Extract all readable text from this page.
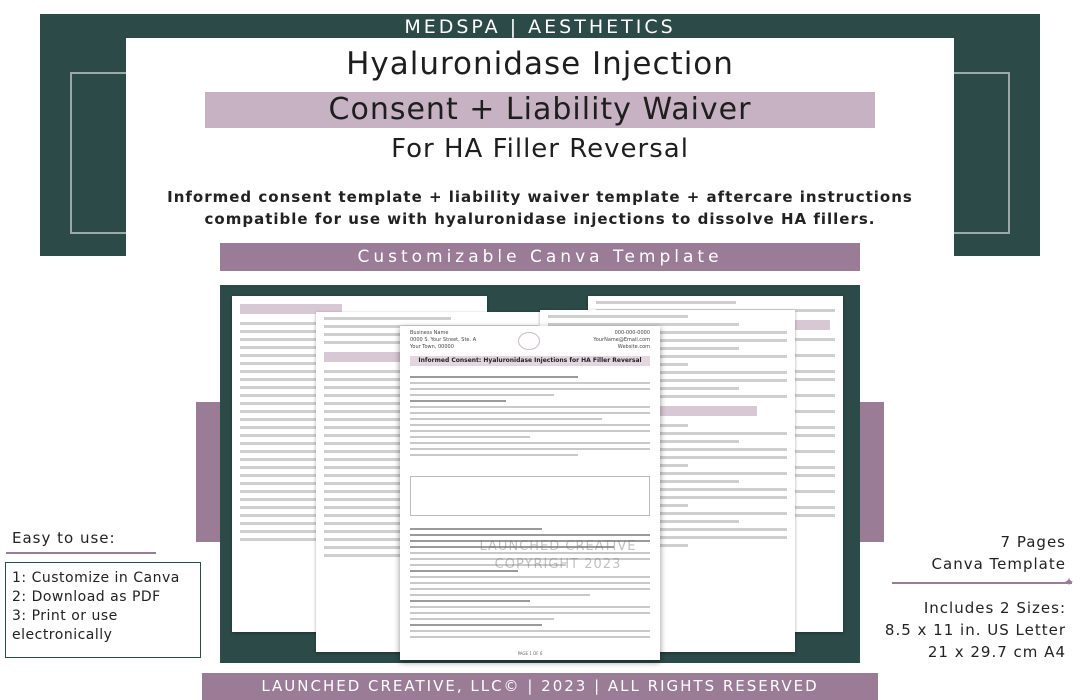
MEDSPA | AESTHETICS
Hyaluronidase Injection
Consent + Liability Waiver
For HA Filler Reversal
Informed consent template + liability waiver template + aftercare instructions
compatible for use with hyaluronidase injections to dissolve HA fillers.
Customizable Canva Template
Business Name
0000 S. Your Street, Ste. A
Your Town, 00000
000-000-0000
YourName@Email.com
Website.com
Informed Consent: Hyaluronidase Injections for HA Filler Reversal
PAGE 1 OF 6
LAUNCHED CREATIVE
COPYRIGHT 2023
Easy to use:
1: Customize in Canva
2: Download as PDF
3: Print or use electronically
7 Pages
Canva Template
✦
Includes 2 Sizes:
8.5 x 11 in. US Letter
21 x 29.7 cm A4
LAUNCHED CREATIVE, LLC© | 2023 | ALL RIGHTS RESERVED
